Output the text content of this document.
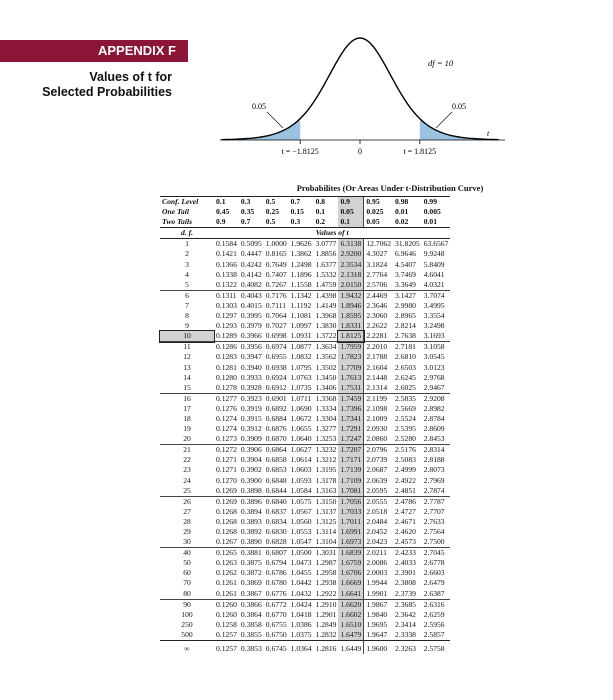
APPENDIX F
Values of t for
Selected Probabilities
df = 10
0.05	0.05
t = −1.8125	0	t = 1.8125
t
Probabilites (Or Areas Under t-Distribution Curve)
Conf. Level	0.1	0.3	0.5	0.7	0.8	0.9	0.95	0.98	0.99
One Tail	0.45	0.35	0.25	0.15	0.1	0.05	0.025	0.01	0.005
Two Tails	0.9	0.7	0.5	0.3	0.2	0.1	0.05	0.02	0.01
d. f.	Values of t								
1	0.1584	0.5095	1.0000	1.9626	3.0777	6.3138	12.7062	31.8205	63.6567
2	0.1421	0.4447	0.8165	1.3862	1.8856	2.9200	4.3027	6.9646	9.9248
3	0.1366	0.4242	0.7649	1.2498	1.6377	2.3534	3.1824	4.5407	5.8409
4	0.1338	0.4142	0.7407	1.1896	1.5332	2.1318	2.7764	3.7469	4.6041
5	0.1322	0.4082	0.7267	1.1558	1.4759	2.0150	2.5706	3.3649	4.0321
6	0.1311	0.4043	0.7176	1.1342	1.4398	1.9432	2.4469	3.1427	3.7074
7	0.1303	0.4015	0.7111	1.1192	1.4149	1.8946	2.3646	2.9980	3.4995
8	0.1297	0.3995	0.7064	1.1081	1.3968	1.8595	2.3060	2.8965	3.3554
9	0.1293	0.3979	0.7027	1.0997	1.3830	1.8331	2.2622	2.8214	3.2498
10	0.1289	0.3966	0.6998	1.0931	1.3722	1.8125	2.2281	2.7638	3.1693
11	0.1286	0.3956	0.6974	1.0877	1.3634	1.7959	2.2010	2.7181	3.1058
12	0.1283	0.3947	0.6955	1.0832	1.3562	1.7823	2.1788	2.6810	3.0545
13	0.1281	0.3940	0.6938	1.0795	1.3502	1.7709	2.1604	2.6503	3.0123
14	0.1280	0.3933	0.6924	1.0763	1.3450	1.7613	2.1448	2.6245	2.9768
15	0.1278	0.3928	0.6912	1.0735	1.3406	1.7531	2.1314	2.6025	2.9467
16	0.1277	0.3923	0.6901	1.0711	1.3368	1.7459	2.1199	2.5835	2.9208
17	0.1276	0.3919	0.6892	1.0690	1.3334	1.7396	2.1098	2.5669	2.8982
18	0.1274	0.3915	0.6884	1.0672	1.3304	1.7341	2.1009	2.5524	2.8784
19	0.1274	0.3912	0.6876	1.0655	1.3277	1.7291	2.0930	2.5395	2.8609
20	0.1273	0.3909	0.6870	1.0640	1.3253	1.7247	2.0860	2.5280	2.8453
21	0.1272	0.3906	0.6864	1.0627	1.3232	1.7207	2.0796	2.5176	2.8314
22	0.1271	0.3904	0.6858	1.0614	1.3212	1.7171	2.0739	2.5083	2.8188
23	0.1271	0.3902	0.6853	1.0603	1.3195	1.7139	2.0687	2.4999	2.8073
24	0.1270	0.3900	0.6848	1.0593	1.3178	1.7109	2.0639	2.4922	2.7969
25	0.1269	0.3898	0.6844	1.0584	1.3163	1.7081	2.0595	2.4851	2.7874
26	0.1269	0.3896	0.6840	1.0575	1.3150	1.7056	2.0555	2.4786	2.7787
27	0.1268	0.3894	0.6837	1.0567	1.3137	1.7033	2.0518	2.4727	2.7707
28	0.1268	0.3893	0.6834	1.0560	1.3125	1.7011	2.0484	2.4671	2.7633
29	0.1268	0.3892	0.6830	1.0553	1.3114	1.6991	2.0452	2.4620	2.7564
30	0.1267	0.3890	0.6828	1.0547	1.3104	1.6973	2.0423	2.4573	2.7500
40	0.1265	0.3881	0.6807	1.0500	1.3031	1.6839	2.0211	2.4233	2.7045
50	0.1263	0.3875	0.6794	1.0473	1.2987	1.6759	2.0086	2.4033	2.6778
60	0.1262	0.3872	0.6786	1.0455	1.2958	1.6706	2.0003	2.3901	2.6603
70	0.1261	0.3869	0.6780	1.0442	1.2938	1.6669	1.9944	2.3808	2.6479
80	0.1261	0.3867	0.6776	1.0432	1.2922	1.6641	1.9901	2.3739	2.6387
90	0.1260	0.3866	0.6772	1.0424	1.2910	1.6620	1.9867	2.3685	2.6316
100	0.1260	0.3864	0.6770	1.0418	1.2901	1.6602	1.9840	2.3642	2.6259
250	0.1258	0.3858	0.6755	1.0386	1.2849	1.6510	1.9695	2.3414	2.5956
500	0.1257	0.3855	0.6750	1.0375	1.2832	1.6479	1.9647	2.3338	2.5857
∞	0.1257	0.3853	0.6745	1.0364	1.2816	1.6449	1.9600	2.3263	2.5758
